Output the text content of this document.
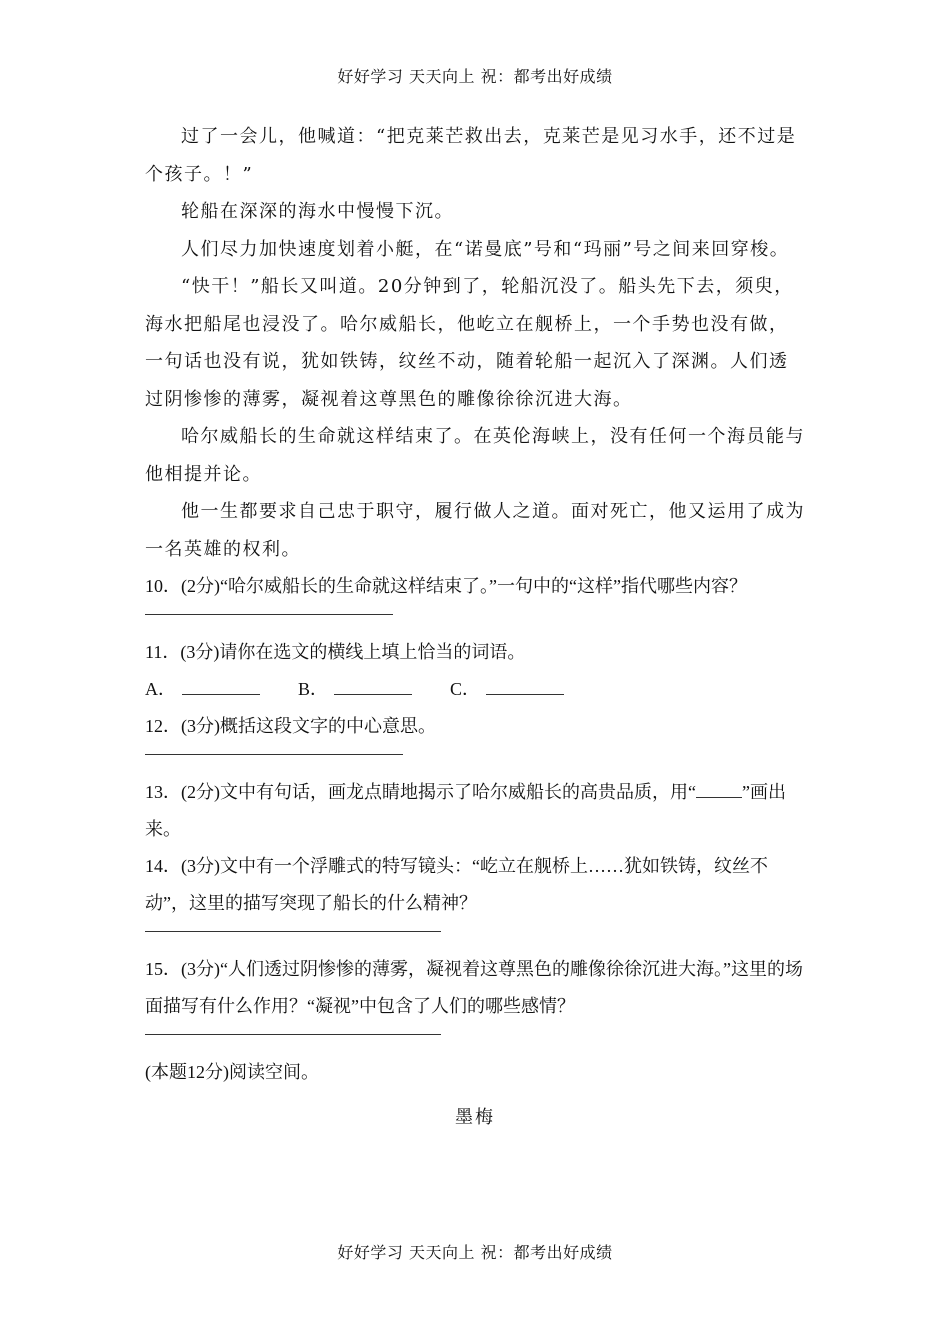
好好学习 天天向上 祝：都考出好成绩

过了一会儿，他喊道：“把克莱芒救出去，克莱芒是见习水手，还不过是个孩子。！”

轮船在深深的海水中慢慢下沉。

人们尽力加快速度划着小艇，在“诺曼底”号和“玛丽”号之间来回穿梭。

“快干！”船长又叫道。20分钟到了，轮船沉没了。船头先下去，须臾，海水把船尾也浸没了。哈尔威船长，他屹立在舰桥上，一个手势也没有做，一句话也没有说，犹如铁铸，纹丝不动，随着轮船一起沉入了深渊。人们透过阴惨惨的薄雾，凝视着这尊黑色的雕像徐徐沉进大海。

哈尔威船长的生命就这样结束了。在英伦海峡上，没有任何一个海员能与他相提并论。

他一生都要求自己忠于职守，履行做人之道。面对死亡，他又运用了成为一名英雄的权利。

10．(2分)“哈尔威船长的生命就这样结束了。”一句中的“这样”指代哪些内容？

11．(3分)请你在选文的横线上填上恰当的词语。

A．	B．	C．

12．(3分)概括这段文字的中心意思。

13．(2分)文中有句话，画龙点睛地揭示了哈尔威船长的高贵品质，用“	”画出来。

14．(3分)文中有一个浮雕式的特写镜头：“屹立在舰桥上……犹如铁铸，纹丝不动”，这里的描写突现了船长的什么精神？

15．(3分)“人们透过阴惨惨的薄雾，凝视着这尊黑色的雕像徐徐沉进大海。”这里的场面描写有什么作用？“凝视”中包含了人们的哪些感情？

(本题12分)阅读空间。

墨梅
好好学习 天天向上 祝：都考出好成绩
